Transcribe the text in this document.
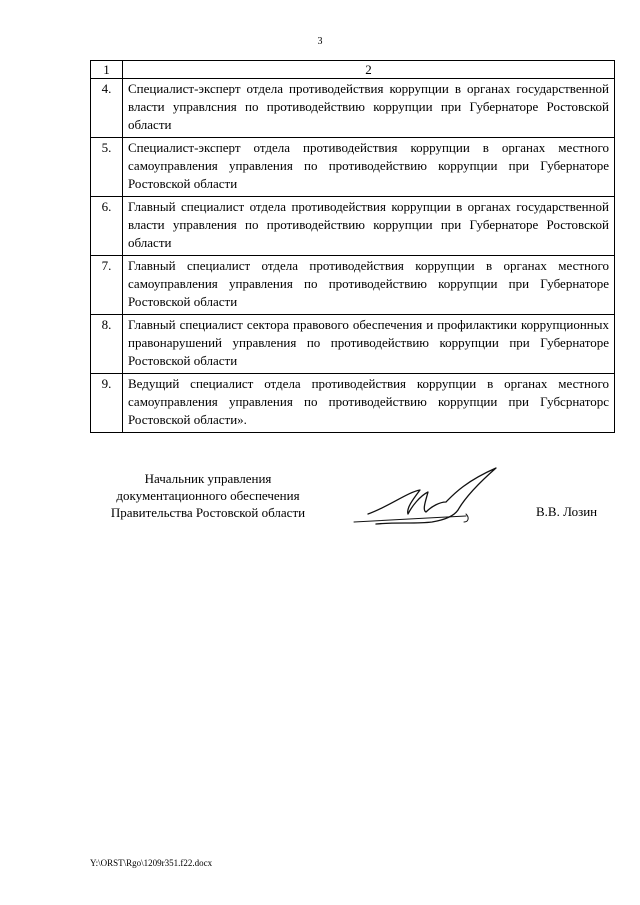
3
1	2
4.	Специалист-эксперт отдела противодействия коррупции в органах государственной власти управлсния по противодействию коррупции при Губернаторе Ростовской области
5.	Специалист-эксперт отдела противодействия коррупции в органах местного самоуправления управления по противодействию коррупции при Губернаторе Ростовской области
6.	Главный специалист отдела противодействия коррупции в органах государственной власти управления по противодействию коррупции при Губернаторе Ростовской области
7.	Главный специалист отдела противодействия коррупции в органах местного самоуправления управления по противодействию коррупции при Губернаторе Ростовской области
8.	Главный специалист сектора правового обеспечения и профилактики коррупционных правонарушений управления по противодействию коррупции при Губернаторе Ростовской области
9.	Ведущий специалист отдела противодействия коррупции в органах местного самоуправления управления по противодействию коррупции при Губсрнаторс Ростовской области».
Начальник управления
документационного обеспечения
Правительства Ростовской области	В.В. Лозин
Y:\ORST\Rgo\1209r351.f22.docx
